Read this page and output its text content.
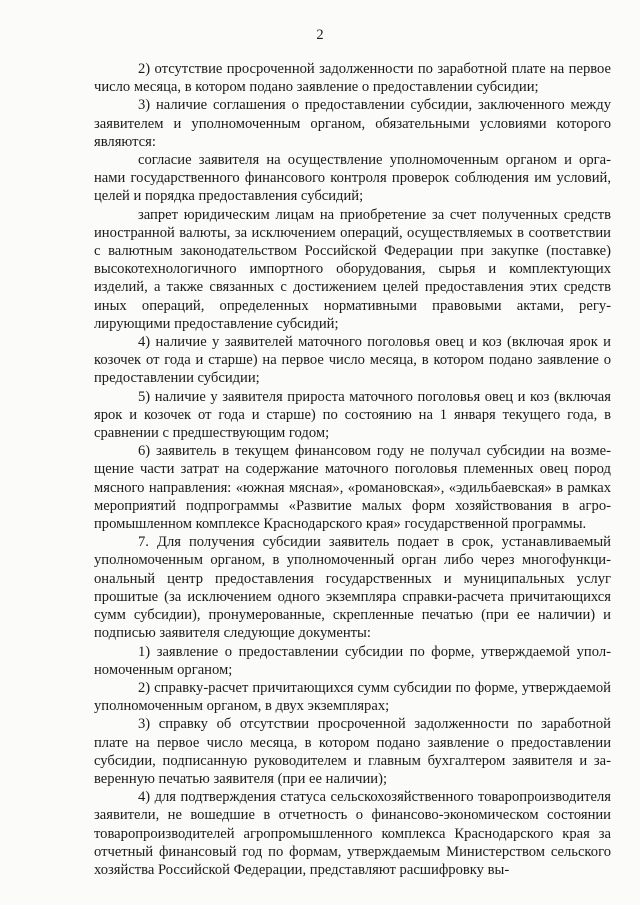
2

2) отсутствие просроченной задолженности по заработной плате на первое число месяца, в котором подано заявление о предоставлении субсидии;

3) наличие соглашения о предоставлении субсидии, заключенного между заявителем и уполномоченным органом, обязательными условиями которого являются:

согласие заявителя на осуществление уполномоченным органом и органами государственного финансового контроля проверок соблюдения им условий, целей и порядка предоставления субсидий;

запрет юридическим лицам на приобретение за счет полученных средств иностранной валюты, за исключением операций, осуществляемых в соответствии с валютным законодательством Российской Федерации при закупке (поставке) высокотехнологичного импортного оборудования, сырья и комплектующих изделий, а также связанных с достижением целей предоставления этих средств иных операций, определенных нормативными правовыми актами, регулирующими предоставление субсидий;

4) наличие у заявителей маточного поголовья овец и коз (включая ярок и козочек от года и старше) на первое число месяца, в котором подано заявление о предоставлении субсидии;

5) наличие у заявителя прироста маточного поголовья овец и коз (включая ярок и козочек от года и старше) по состоянию на 1 января текущего года, в сравнении с предшествующим годом;

6) заявитель в текущем финансовом году не получал субсидии на возмещение части затрат на содержание маточного поголовья племенных овец пород мясного направления: «южная мясная», «романовская», «эдильбаевская» в рамках мероприятий подпрограммы «Развитие малых форм хозяйствования в агропромышленном комплексе Краснодарского края» государственной программы.

7. Для получения субсидии заявитель подает в срок, устанавливаемый уполномоченным органом, в уполномоченный орган либо через многофункциональный центр предоставления государственных и муниципальных услуг прошитые (за исключением одного экземпляра справки-расчета причитающихся сумм субсидии), пронумерованные, скрепленные печатью (при ее наличии) и подписью заявителя следующие документы:

1) заявление о предоставлении субсидии по форме, утверждаемой уполномоченным органом;

2) справку-расчет причитающихся сумм субсидии по форме, утверждаемой уполномоченным органом, в двух экземплярах;

3) справку об отсутствии просроченной задолженности по заработной плате на первое число месяца, в котором подано заявление о предоставлении субсидии, подписанную руководителем и главным бухгалтером заявителя и заверенную печатью заявителя (при ее наличии);

4) для подтверждения статуса сельскохозяйственного товаропроизводителя заявители, не вошедшие в отчетность о финансово-экономическом состоянии товаропроизводителей агропромышленного комплекса Краснодарского края за отчетный финансовый год по формам, утверждаемым Министерством сельского хозяйства Российской Федерации, представляют расшифровку вы-
